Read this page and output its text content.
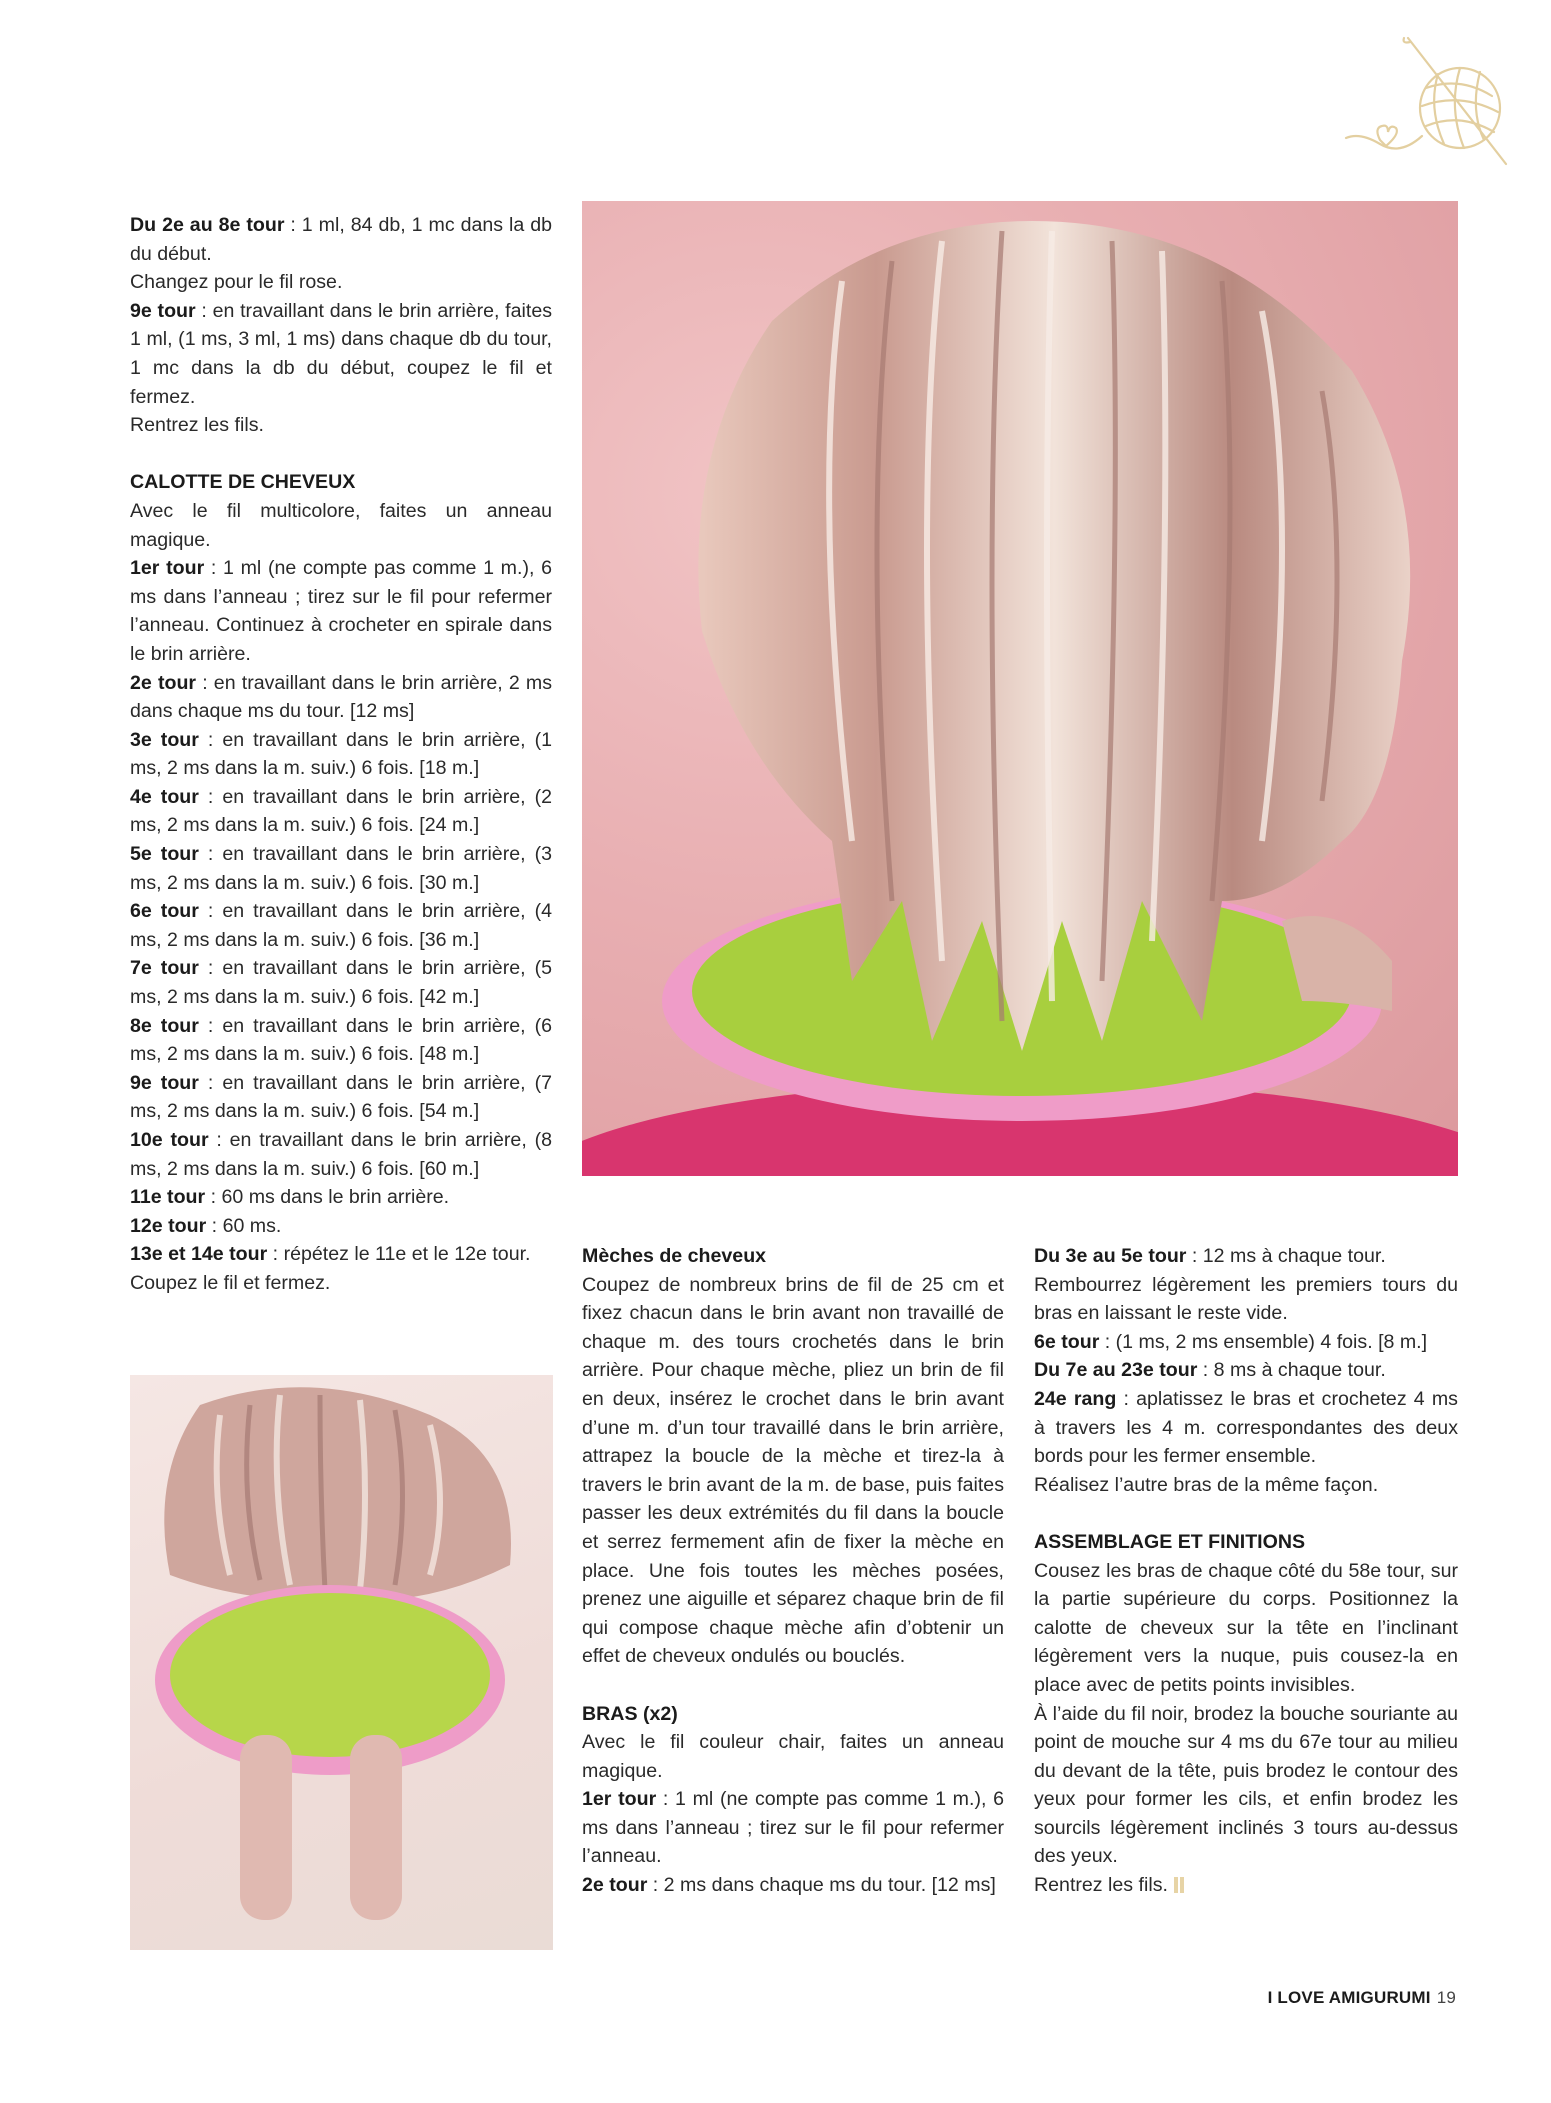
Du 2e au 8e tour : 1 ml, 84 db, 1 mc dans la db du début.

Changez pour le fil rose.

9e tour : en travaillant dans le brin arrière, faites 1 ml, (1 ms, 3 ml, 1 ms) dans chaque db du tour, 1 mc dans la db du début, coupez le fil et fermez.

Rentrez les fils.

CALOTTE DE CHEVEUX

Avec le fil multicolore, faites un anneau magique.

1er tour : 1 ml (ne compte pas comme 1 m.), 6 ms dans l’anneau ; tirez sur le fil pour refermer l’anneau. Continuez à crocheter en spirale dans le brin arrière.

2e tour : en travaillant dans le brin arrière, 2 ms dans chaque ms du tour. [12 ms]

3e tour : en travaillant dans le brin arrière, (1 ms, 2 ms dans la m. suiv.) 6 fois. [18 m.]

4e tour : en travaillant dans le brin arrière, (2 ms, 2 ms dans la m. suiv.) 6 fois. [24 m.]

5e tour : en travaillant dans le brin arrière, (3 ms, 2 ms dans la m. suiv.) 6 fois. [30 m.]

6e tour : en travaillant dans le brin arrière, (4 ms, 2 ms dans la m. suiv.) 6 fois. [36 m.]

7e tour : en travaillant dans le brin arrière, (5 ms, 2 ms dans la m. suiv.) 6 fois. [42 m.]

8e tour : en travaillant dans le brin arrière, (6 ms, 2 ms dans la m. suiv.) 6 fois. [48 m.]

9e tour : en travaillant dans le brin arrière, (7 ms, 2 ms dans la m. suiv.) 6 fois. [54 m.]

10e tour : en travaillant dans le brin arrière, (8 ms, 2 ms dans la m. suiv.) 6 fois. [60 m.]

11e tour : 60 ms dans le brin arrière.

12e tour : 60 ms.

13e et 14e tour : répétez le 11e et le 12e tour.

Coupez le fil et fermez.

Mèches de cheveux

Coupez de nombreux brins de fil de 25 cm et fixez chacun dans le brin avant non travaillé de chaque m. des tours crochetés dans le brin arrière. Pour chaque mèche, pliez un brin de fil en deux, insérez le crochet dans le brin avant d’une m. d’un tour travaillé dans le brin arrière, attrapez la boucle de la mèche et tirez-la à travers le brin avant de la m. de base, puis faites passer les deux extrémités du fil dans la boucle et serrez fermement afin de fixer la mèche en place. Une fois toutes les mèches posées, prenez une aiguille et séparez chaque brin de fil qui compose chaque mèche afin d’obtenir un effet de cheveux ondulés ou bouclés.

BRAS (x2)

Avec le fil couleur chair, faites un anneau magique.

1er tour : 1 ml (ne compte pas comme 1 m.), 6 ms dans l’anneau ; tirez sur le fil pour refermer l’anneau.

2e tour : 2 ms dans chaque ms du tour. [12 ms]

Du 3e au 5e tour : 12 ms à chaque tour.

Rembourrez légèrement les premiers tours du bras en laissant le reste vide.

6e tour : (1 ms, 2 ms ensemble) 4 fois. [8 m.]

Du 7e au 23e tour : 8 ms à chaque tour.

24e rang : aplatissez le bras et crochetez 4 ms à travers les 4 m. correspondantes des deux bords pour les fermer ensemble.

Réalisez l’autre bras de la même façon.

ASSEMBLAGE ET FINITIONS

Cousez les bras de chaque côté du 58e tour, sur la partie supérieure du corps. Positionnez la calotte de cheveux sur la tête en l’inclinant légèrement vers la nuque, puis cousez-la en place avec de petits points invisibles.

À l’aide du fil noir, brodez la bouche souriante au point de mouche sur 4 ms du 67e tour au milieu du devant de la tête, puis brodez le contour des yeux pour former les cils, et enfin brodez les sourcils légèrement inclinés 3 tours au-dessus des yeux.

Rentrez les fils.

I LOVE AMIGURUMI 19
